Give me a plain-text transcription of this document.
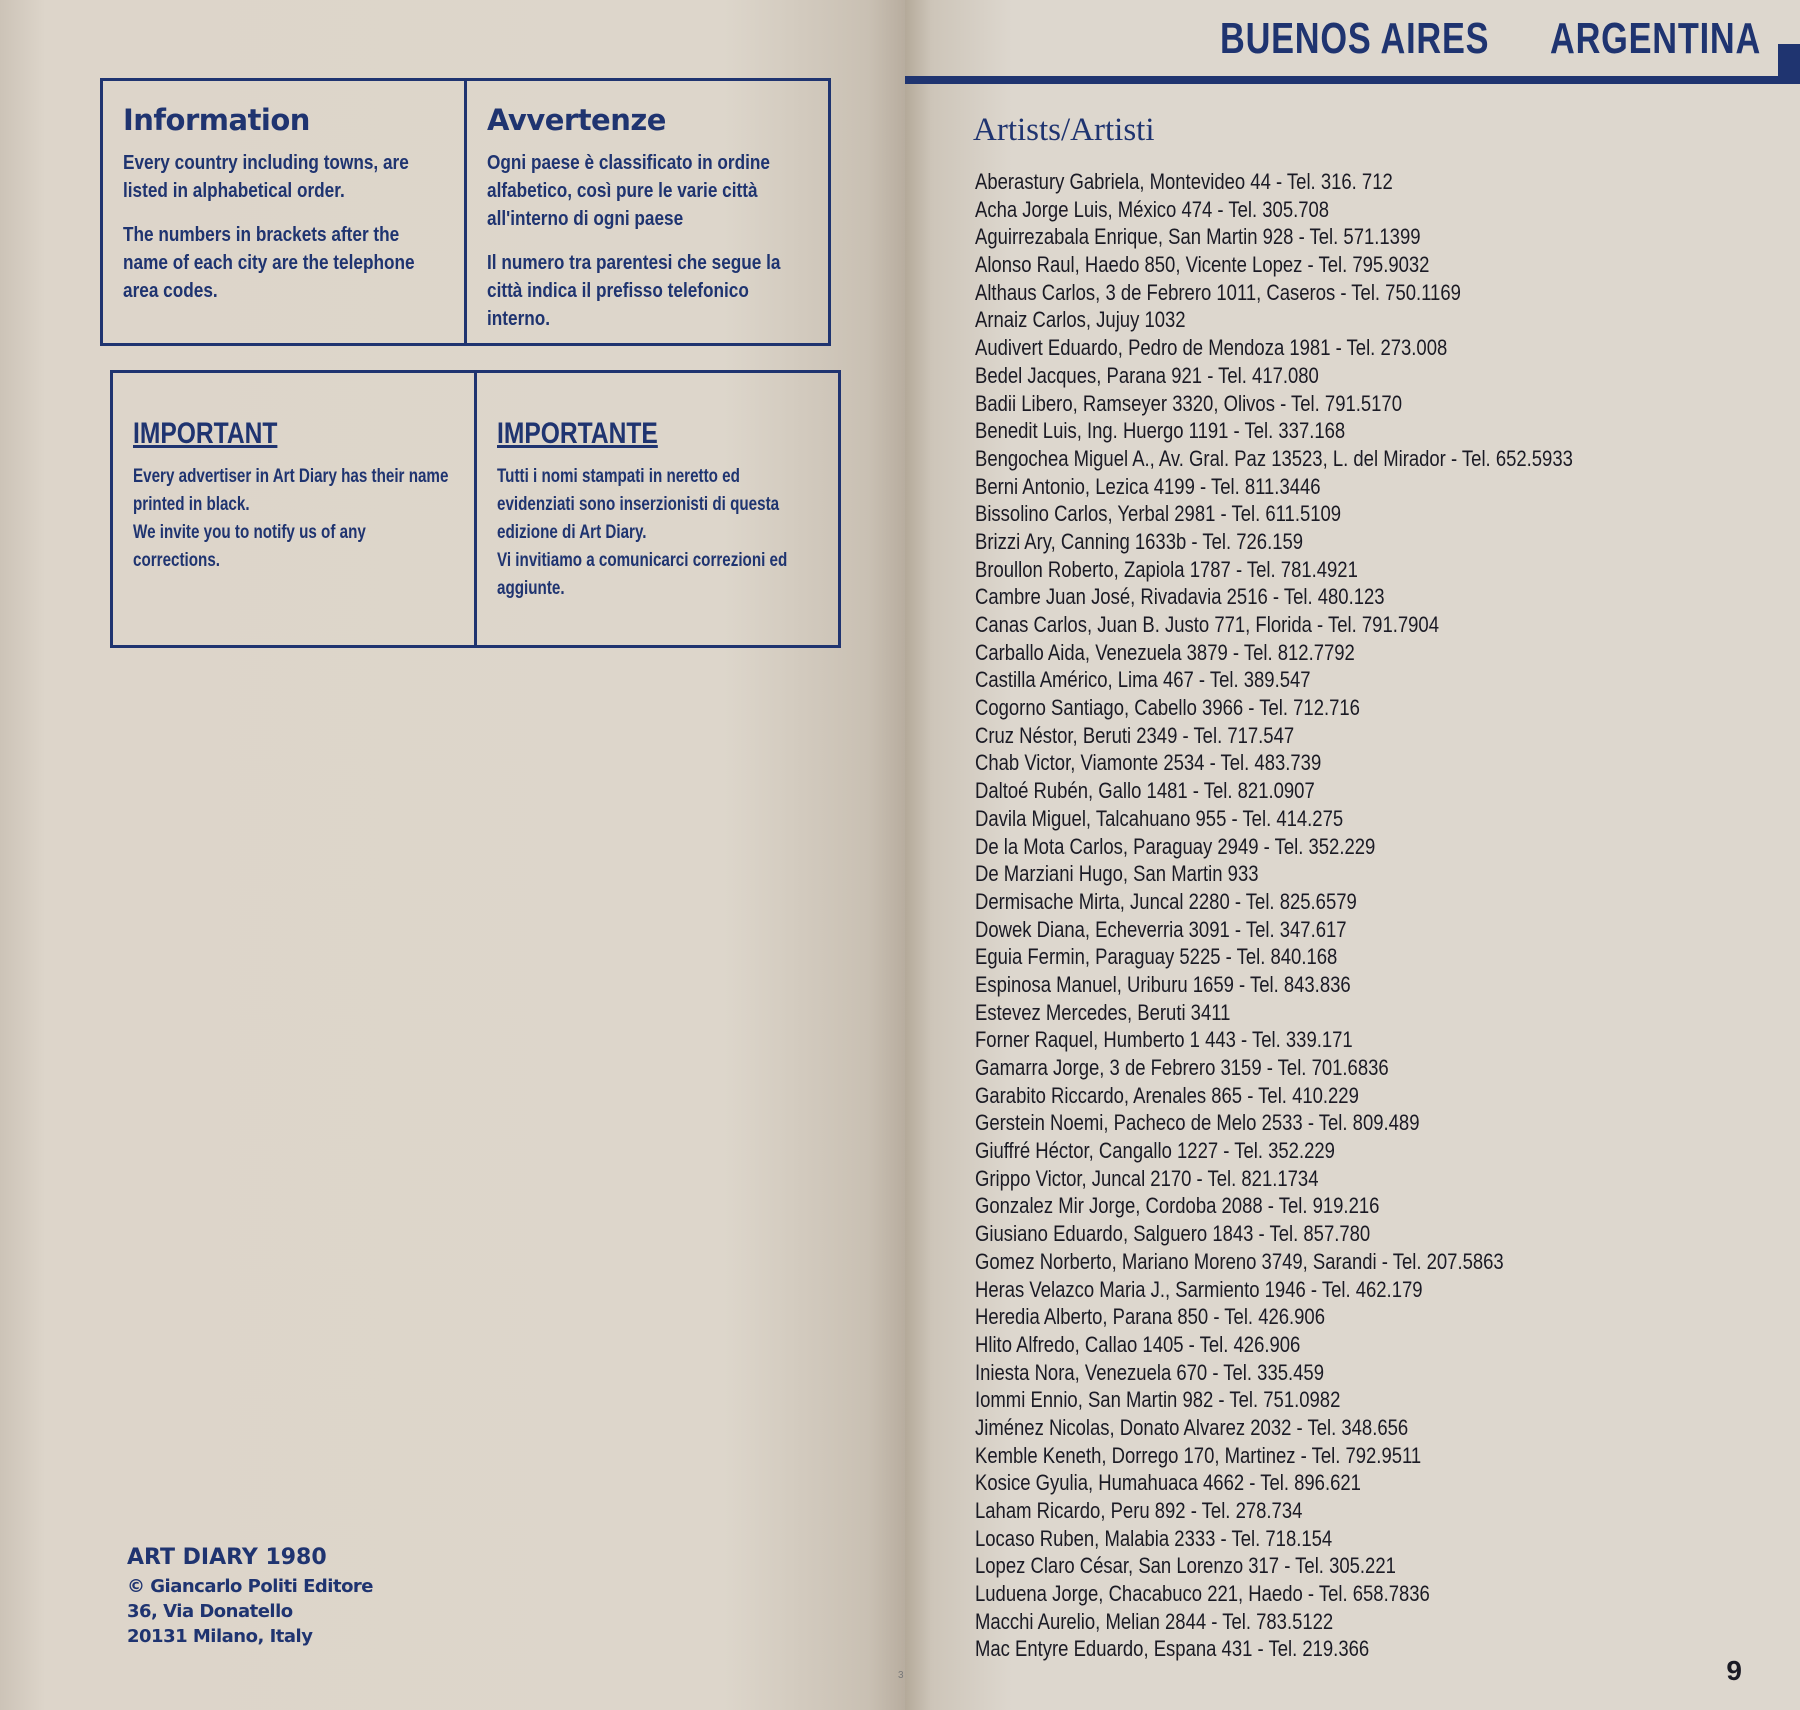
Information

Every country including towns, are listed in alphabetical order.

The numbers in brackets after the name of each city are the telephone area codes.

Avvertenze

Ogni paese è classificato in ordine alfabetico, così pure le varie città all'interno di ogni paese

Il numero tra parentesi che segue la città indica il prefisso telefonico interno.

IMPORTANT

Every advertiser in Art Diary has their name printed in black.
We invite you to notify us of any corrections.

IMPORTANTE

Tutti i nomi stampati in neretto ed evidenziati sono inserzionisti di questa edizione di Art Diary.
Vi invitiamo a comunicarci correzioni ed aggiunte.

ART DIARY 1980
© Giancarlo Politi Editore
36, Via Donatello
20131 Milano, Italy
3
BUENOS AIRES ARGENTINA
Artists/Artisti
Aberastury Gabriela, Montevideo 44 - Tel. 316. 712
Acha Jorge Luis, México 474 - Tel. 305.708
Aguirrezabala Enrique, San Martin 928 - Tel. 571.1399
Alonso Raul, Haedo 850, Vicente Lopez - Tel. 795.9032
Althaus Carlos, 3 de Febrero 1011, Caseros - Tel. 750.1169
Arnaiz Carlos, Jujuy 1032
Audivert Eduardo, Pedro de Mendoza 1981 - Tel. 273.008
Bedel Jacques, Parana 921 - Tel. 417.080
Badii Libero, Ramseyer 3320, Olivos - Tel. 791.5170
Benedit Luis, Ing. Huergo 1191 - Tel. 337.168
Bengochea Miguel A., Av. Gral. Paz 13523, L. del Mirador - Tel. 652.5933
Berni Antonio, Lezica 4199 - Tel. 811.3446
Bissolino Carlos, Yerbal 2981 - Tel. 611.5109
Brizzi Ary, Canning 1633b - Tel. 726.159
Broullon Roberto, Zapiola 1787 - Tel. 781.4921
Cambre Juan José, Rivadavia 2516 - Tel. 480.123
Canas Carlos, Juan B. Justo 771, Florida - Tel. 791.7904
Carballo Aida, Venezuela 3879 - Tel. 812.7792
Castilla Américo, Lima 467 - Tel. 389.547
Cogorno Santiago, Cabello 3966 - Tel. 712.716
Cruz Néstor, Beruti 2349 - Tel. 717.547
Chab Victor, Viamonte 2534 - Tel. 483.739
Daltoé Rubén, Gallo 1481 - Tel. 821.0907
Davila Miguel, Talcahuano 955 - Tel. 414.275
De la Mota Carlos, Paraguay 2949 - Tel. 352.229
De Marziani Hugo, San Martin 933
Dermisache Mirta, Juncal 2280 - Tel. 825.6579
Dowek Diana, Echeverria 3091 - Tel. 347.617
Eguia Fermin, Paraguay 5225 - Tel. 840.168
Espinosa Manuel, Uriburu 1659 - Tel. 843.836
Estevez Mercedes, Beruti 3411
Forner Raquel, Humberto 1 443 - Tel. 339.171
Gamarra Jorge, 3 de Febrero 3159 - Tel. 701.6836
Garabito Riccardo, Arenales 865 - Tel. 410.229
Gerstein Noemi, Pacheco de Melo 2533 - Tel. 809.489
Giuffré Héctor, Cangallo 1227 - Tel. 352.229
Grippo Victor, Juncal 2170 - Tel. 821.1734
Gonzalez Mir Jorge, Cordoba 2088 - Tel. 919.216
Giusiano Eduardo, Salguero 1843 - Tel. 857.780
Gomez Norberto, Mariano Moreno 3749, Sarandi - Tel. 207.5863
Heras Velazco Maria J., Sarmiento 1946 - Tel. 462.179
Heredia Alberto, Parana 850 - Tel. 426.906
Hlito Alfredo, Callao 1405 - Tel. 426.906
Iniesta Nora, Venezuela 670 - Tel. 335.459
Iommi Ennio, San Martin 982 - Tel. 751.0982
Jiménez Nicolas, Donato Alvarez 2032 - Tel. 348.656
Kemble Keneth, Dorrego 170, Martinez - Tel. 792.9511
Kosice Gyulia, Humahuaca 4662 - Tel. 896.621
Laham Ricardo, Peru 892 - Tel. 278.734
Locaso Ruben, Malabia 2333 - Tel. 718.154
Lopez Claro César, San Lorenzo 317 - Tel. 305.221
Luduena Jorge, Chacabuco 221, Haedo - Tel. 658.7836
Macchi Aurelio, Melian 2844 - Tel. 783.5122
Mac Entyre Eduardo, Espana 431 - Tel. 219.366
9
